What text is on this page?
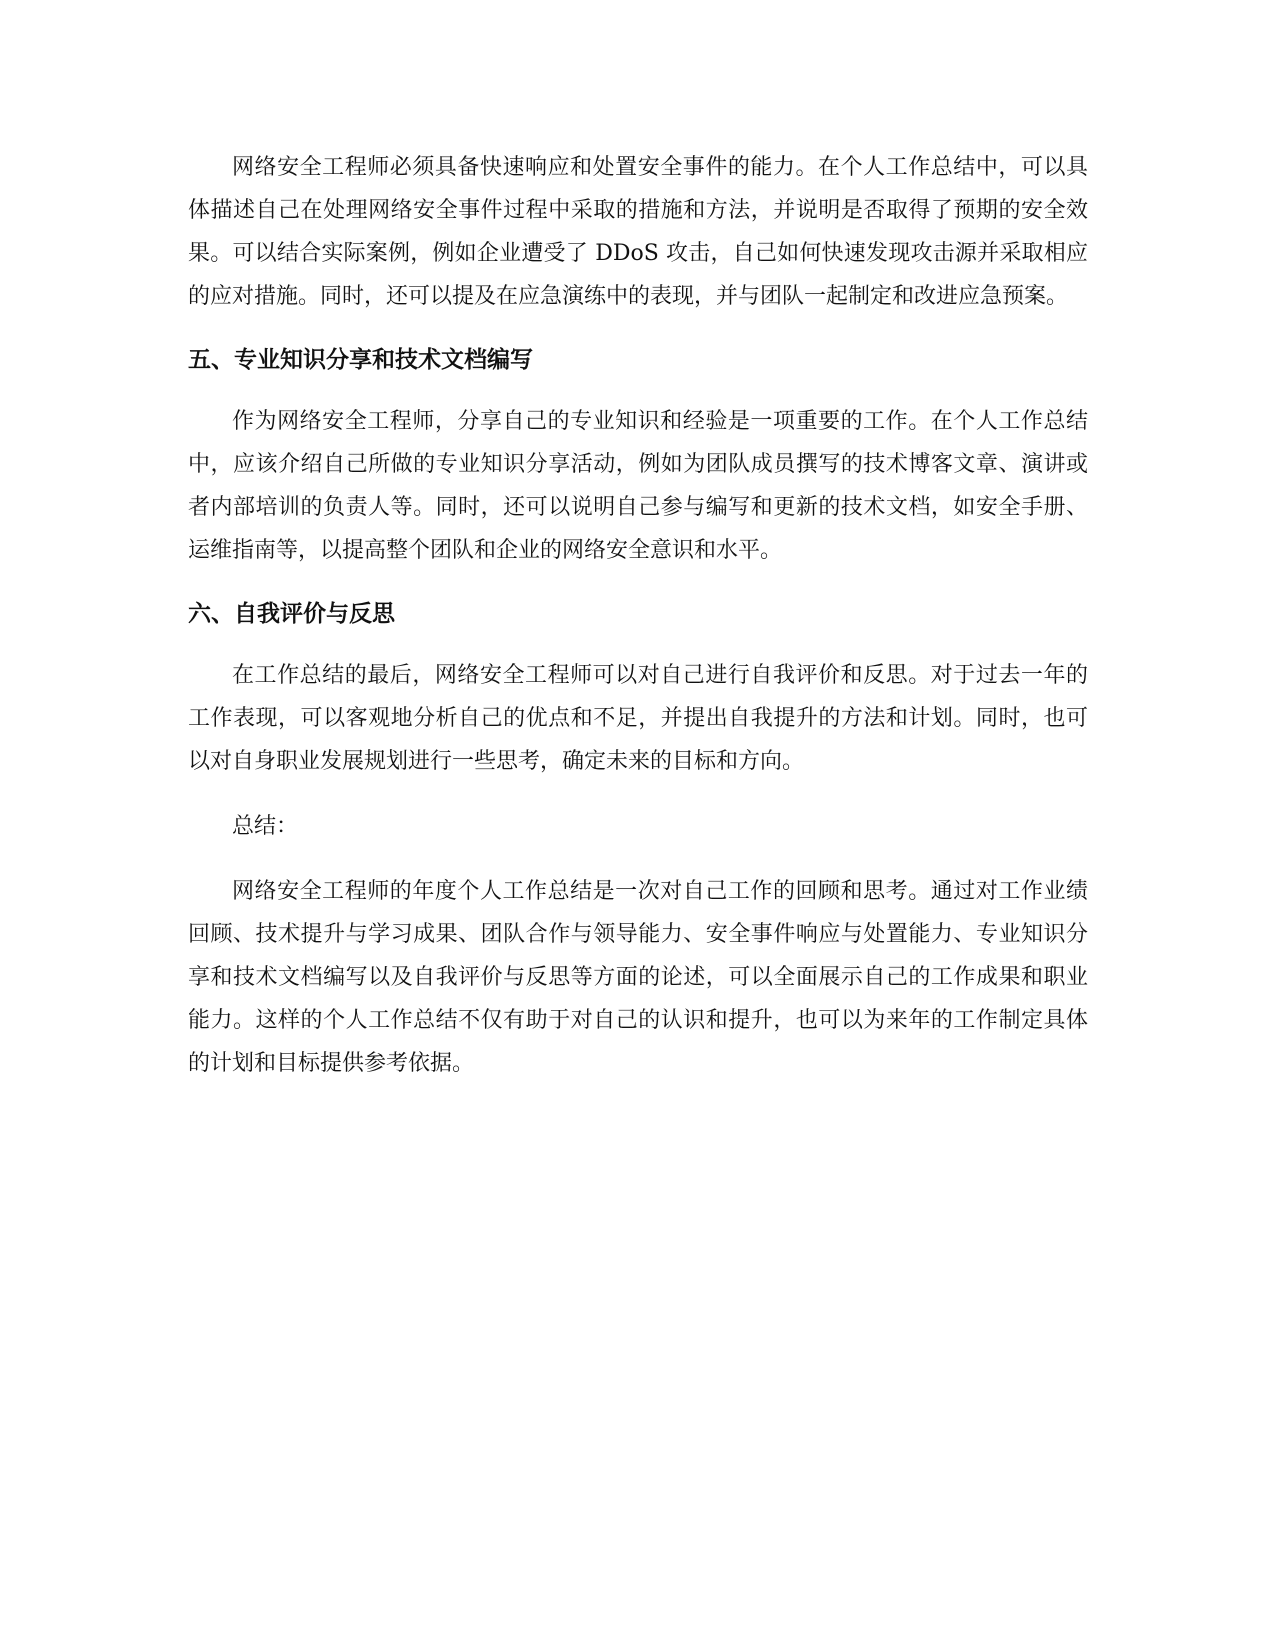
网络安全工程师必须具备快速响应和处置安全事件的能力。在个人工作总结中，可以具体描述自己在处理网络安全事件过程中采取的措施和方法，并说明是否取得了预期的安全效果。可以结合实际案例，例如企业遭受了 DDoS 攻击，自己如何快速发现攻击源并采取相应的应对措施。同时，还可以提及在应急演练中的表现，并与团队一起制定和改进应急预案。

五、专业知识分享和技术文档编写

作为网络安全工程师，分享自己的专业知识和经验是一项重要的工作。在个人工作总结中，应该介绍自己所做的专业知识分享活动，例如为团队成员撰写的技术博客文章、演讲或者内部培训的负责人等。同时，还可以说明自己参与编写和更新的技术文档，如安全手册、运维指南等，以提高整个团队和企业的网络安全意识和水平。

六、自我评价与反思

在工作总结的最后，网络安全工程师可以对自己进行自我评价和反思。对于过去一年的工作表现，可以客观地分析自己的优点和不足，并提出自我提升的方法和计划。同时，也可以对自身职业发展规划进行一些思考，确定未来的目标和方向。

总结：

网络安全工程师的年度个人工作总结是一次对自己工作的回顾和思考。通过对工作业绩回顾、技术提升与学习成果、团队合作与领导能力、安全事件响应与处置能力、专业知识分享和技术文档编写以及自我评价与反思等方面的论述，可以全面展示自己的工作成果和职业能力。这样的个人工作总结不仅有助于对自己的认识和提升，也可以为来年的工作制定具体的计划和目标提供参考依据。
